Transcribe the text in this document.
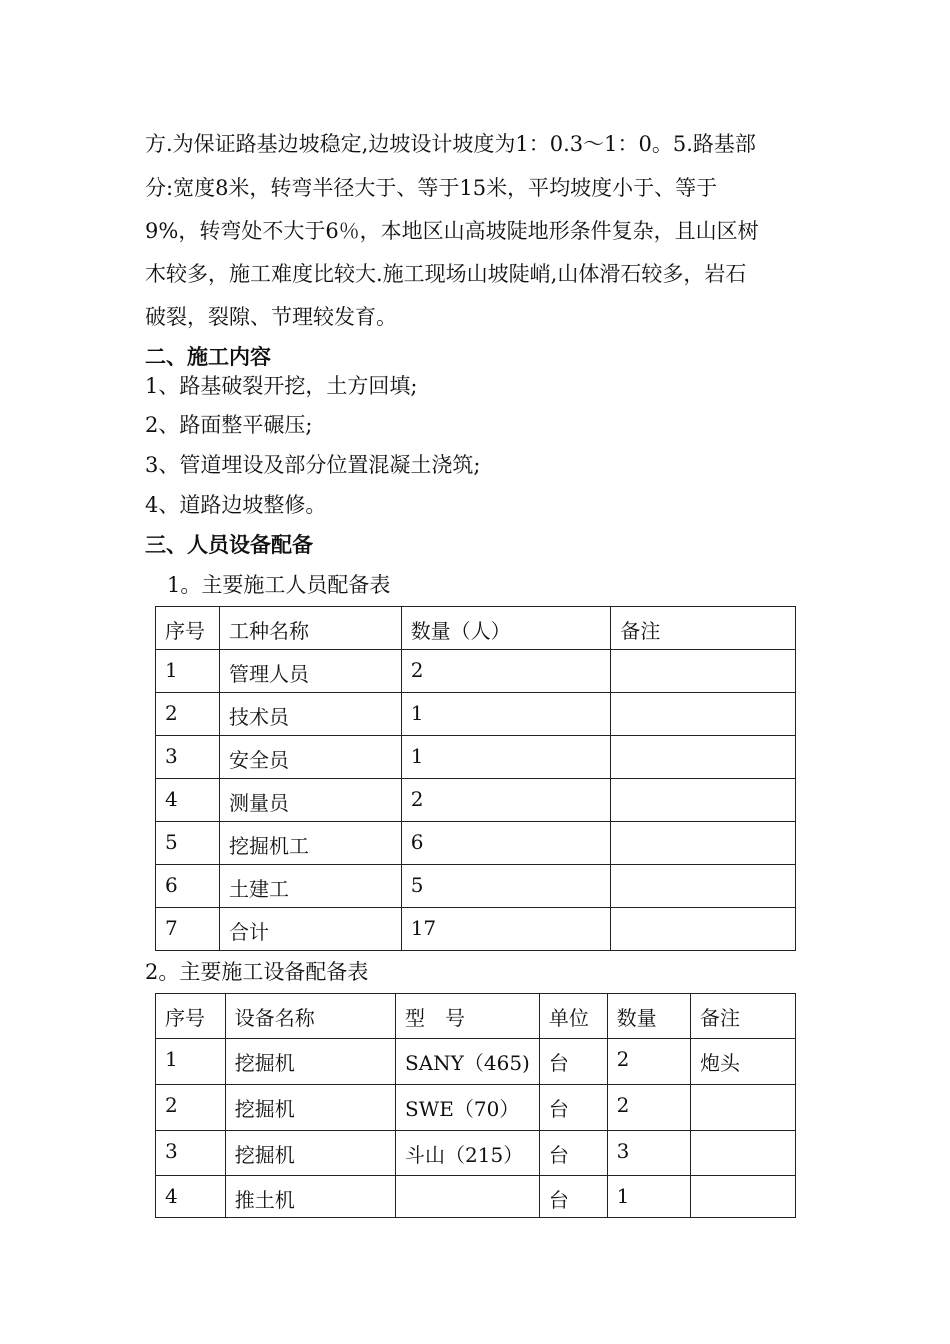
方.为保证路基边坡稳定,边坡设计坡度为1：0.3～1：0。5.路基部
分:宽度8米，转弯半径大于、等于15米，平均坡度小于、等于
9%，转弯处不大于6％，本地区山高坡陡地形条件复杂，且山区树
木较多，施工难度比较大.施工现场山坡陡峭,山体滑石较多，岩石
破裂，裂隙、节理较发育。
二、施工内容
1、路基破裂开挖，土方回填;
2、路面整平碾压;
3、管道埋设及部分位置混凝土浇筑;
4、道路边坡整修。
三、人员设备配备
1。主要施工人员配备表
序号	工种名称	数量（人）	备注
1	管理人员	2	
2	技术员	1	
3	安全员	1	
4	测量员	2	
5	挖掘机工	6	
6	土建工	5	
7	合计	17	
2。主要施工设备配备表
序号	设备名称	型　号	单位	数量	备注
1	挖掘机	SANY（465)	台	2	炮头
2	挖掘机	SWE（70）	台	2	
3	挖掘机	斗山（215）	台	3	
4	推土机		台	1	
